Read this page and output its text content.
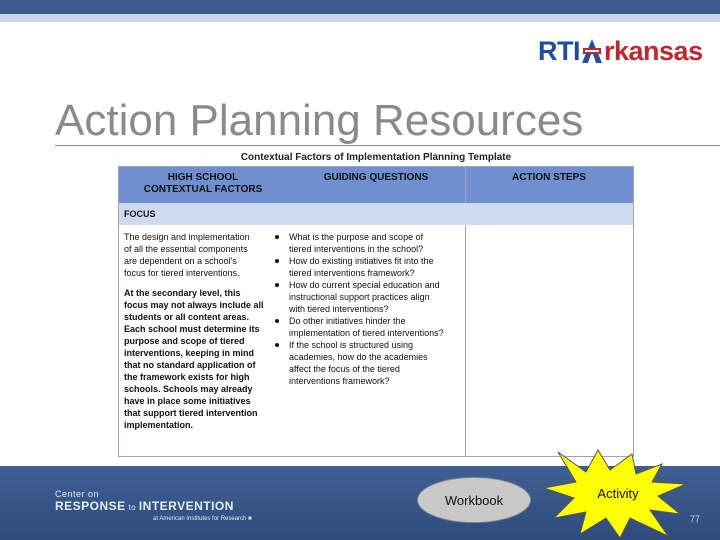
RTI rkansas
Action Planning Resources
Contextual Factors of Implementation Planning Template
HIGH SCHOOL
CONTEXTUAL FACTORS
GUIDING QUESTIONS	ACTION STEPS
FOCUS

The design and implementation
of all the essential components
are dependent on a school's
focus for tiered interventions.

At the secondary level, this
focus may not always include all
students or all content areas.
Each school must determine its
purpose and scope of tiered
interventions, keeping in mind
that no standard application of
the framework exists for high
schools. Schools may already
have in place some initiatives
that support tiered intervention
implementation.

What is the purpose and scope of
tiered interventions in the school?
How do existing initiatives fit into the
tiered interventions framework?
How do current special education and
instructional support practices align
with tiered interventions?
Do other initiatives hinder the
implementation of tiered interventions?
If the school is structured using
academies, how do the academies
affect the focus of the tiered
interventions framework?
Center on
RESPONSE to INTERVENTION
at American Institutes for Research ■
Workbook	Activity
77
